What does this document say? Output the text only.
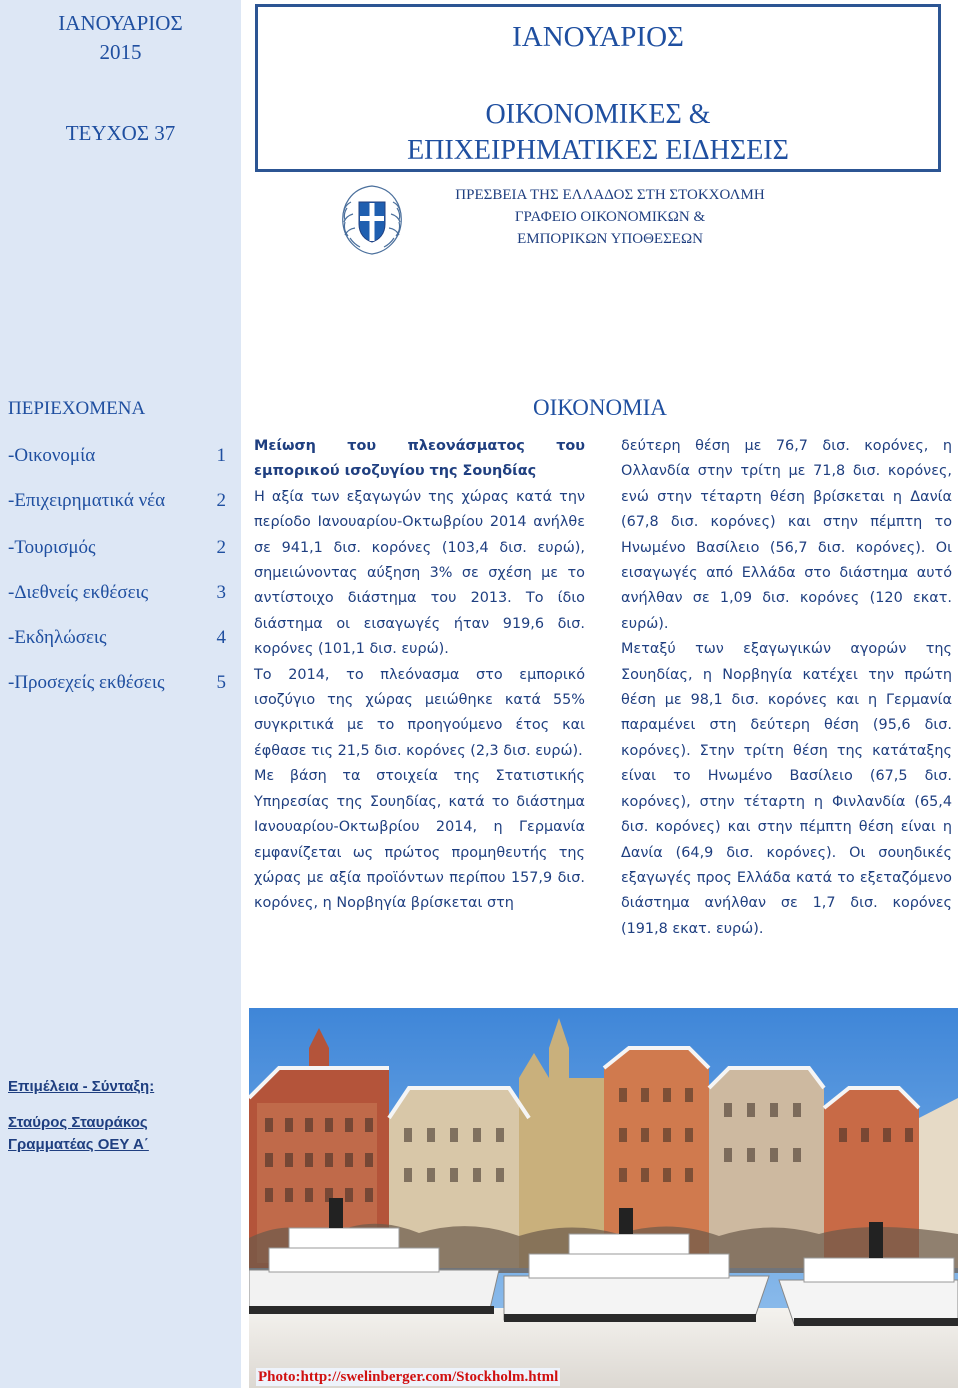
ΙΑΝΟΥΑΡΙΟΣ
2015
ΤΕΥΧΟΣ 37
ΠΕΡΙΕΧΟΜΕΝΑ
-Οικονομία	1
-Επιχειρηματικά νέα	2
-Τουρισμός	2
-Διεθνείς εκθέσεις	3
-Εκδηλώσεις	4
-Προσεχείς εκθέσεις	5
Επιμέλεια - Σύνταξη:
Σταύρος Σταυράκος
Γραμματέας ΟΕΥ Α΄
ΙΑΝΟΥΑΡΙΟΣ
ΟΙΚΟΝΟΜΙΚΕΣ &
ΕΠΙΧΕΙΡΗΜΑΤΙΚΕΣ ΕΙΔΗΣΕΙΣ
ΠΡΕΣΒΕΙΑ ΤΗΣ ΕΛΛΑΔΟΣ ΣΤΗ ΣΤΟΚΧΟΛΜΗ
ΓΡΑΦΕΙΟ ΟΙΚΟΝΟΜΙΚΩΝ &
ΕΜΠΟΡΙΚΩΝ ΥΠΟΘΕΣΕΩΝ
ΟΙΚΟΝΟΜΙΑ

Μείωση του πλεονάσματος του εμπορικού ισοζυγίου της Σουηδίας

Η αξία των εξαγωγών της χώρας κατά την περίοδο Ιανουαρίου-Οκτωβρίου 2014 ανήλθε σε 941,1 δισ. κορόνες (103,4 δισ. ευρώ), σημειώνοντας αύξηση 3% σε σχέση με το αντίστοιχο διάστημα του 2013. Το ίδιο διάστημα οι εισαγωγές ήταν 919,6 δισ. κορόνες (101,1 δισ. ευρώ).

Το 2014, το πλεόνασμα στο εμπορικό ισοζύγιο της χώρας μειώθηκε κατά 55% συγκριτικά με το προηγούμενο έτος και έφθασε τις 21,5 δισ. κορόνες (2,3 δισ. ευρώ).

Με βάση τα στοιχεία της Στατιστικής Υπηρεσίας της Σουηδίας, κατά το διάστημα Ιανουαρίου-Οκτωβρίου 2014, η Γερμανία εμφανίζεται ως πρώτος προμηθευτής της χώρας με αξία προϊόντων περίπου 157,9 δισ. κορόνες, η Νορβηγία βρίσκεται στη

δεύτερη θέση με 76,7 δισ. κορόνες, η Ολλανδία στην τρίτη με 71,8 δισ. κορόνες, ενώ στην τέταρτη θέση βρίσκεται η Δανία (67,8 δισ. κορόνες) και στην πέμπτη το Ηνωμένο Βασίλειο (56,7 δισ. κορόνες). Οι εισαγωγές από Ελλάδα στο διάστημα αυτό ανήλθαν σε 1,09 δισ. κορόνες (120 εκατ. ευρώ).

Μεταξύ των εξαγωγικών αγορών της Σουηδίας, η Νορβηγία κατέχει την πρώτη θέση με 98,1 δισ. κορόνες και η Γερμανία παραμένει στη δεύτερη θέση (95,6 δισ. κορόνες). Στην τρίτη θέση της κατάταξης είναι το Ηνωμένο Βασίλειο (67,5 δισ. κορόνες), στην τέταρτη η Φινλανδία (65,4 δισ. κορόνες) και στην πέμπτη θέση είναι η Δανία (64,9 δισ. κορόνες). Οι σουηδικές εξαγωγές προς Ελλάδα κατά το εξεταζόμενο διάστημα ανήλθαν σε 1,7 δισ. κορόνες (191,8 εκατ. ευρώ).

Photo:http://swelinberger.com/Stockholm.html
